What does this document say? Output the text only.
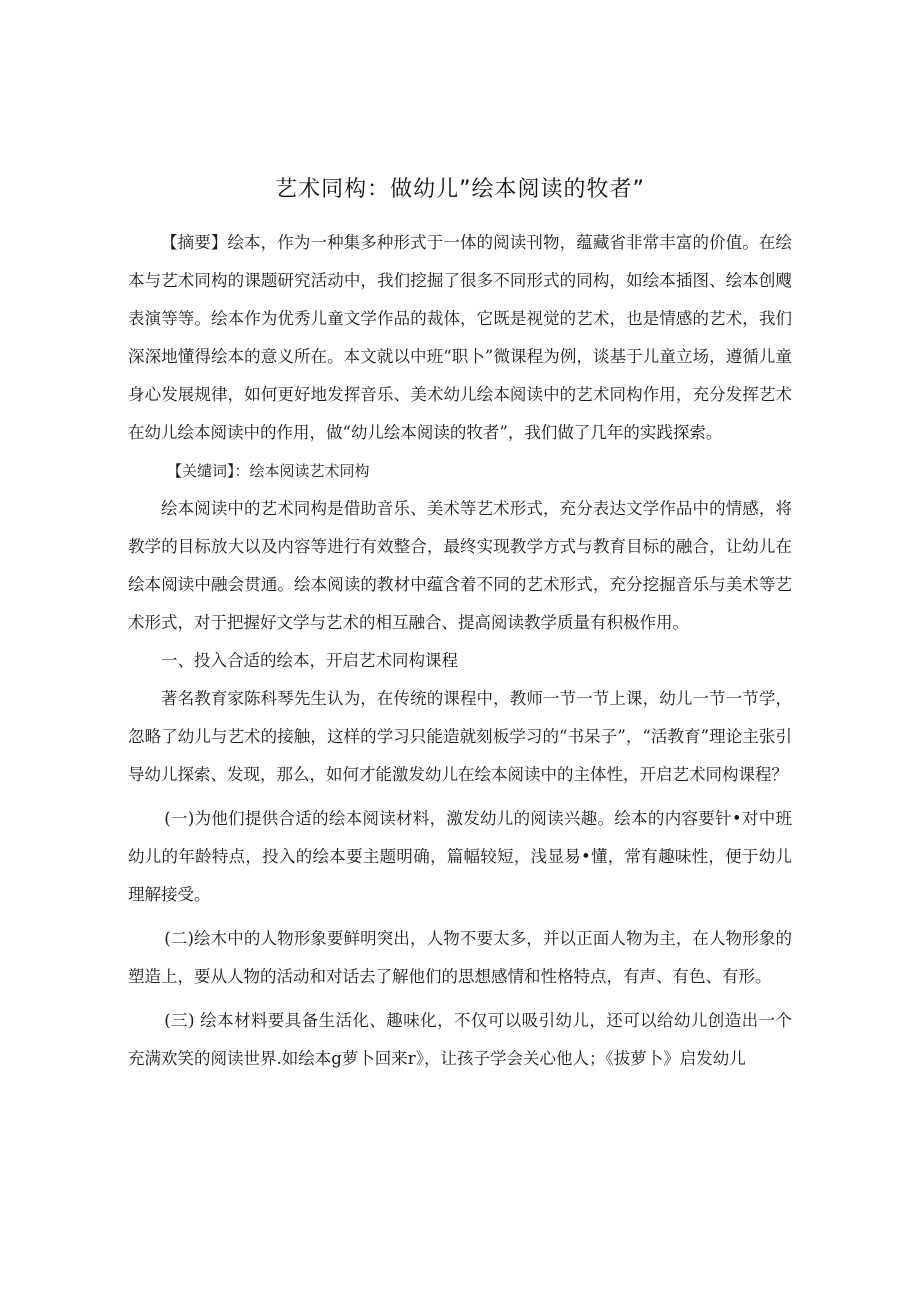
艺术同构：做幼儿”绘本阅读的牧者”

【摘要】绘本，作为一种集多种形式于一体的阅读刊物，蕴藏省非常丰富的价值。在绘本与艺术同构的课题研究活动中，我们挖掘了很多不同形式的同构，如绘本插图、绘本创飕表演等等。绘本作为优秀儿童文学作品的裁体，它既是视觉的艺术，也是情感的艺术，我们深深地懂得绘本的意义所在。本文就以中班“职卜”微课程为例，谈基于儿童立场，遵循儿童身心发展规律，如何更好地发挥音乐、美术幼儿绘本阅读中的艺术同构作用，充分发挥艺术在幼儿绘本阅读中的作用，做“幼儿绘本阅读的牧者”，我们做了几年的实践探索。

【关缱词】：绘本阅读艺术同构

绘本阅读中的艺术同构是借助音乐、美术等艺术形式，充分表达文学作品中的情感，将教学的目标放大以及内容等进行有效整合，最终实现教学方式与教育目标的融合，让幼儿在绘本阅读中融会贯通。绘本阅读的教材中蕴含着不同的艺术形式，充分挖掘音乐与美术等艺术形式，对于把握好文学与艺术的相互融合、提高阅读教学质量有积极作用。

一、投入合适的绘本，开启艺术同构课程

著名教育家陈科琴先生认为，在传统的课程中，教师一节一节上课，幼儿一节一节学，忽略了幼儿与艺术的接触，这样的学习只能造就刻板学习的“书呆子”，“活教育”理论主张引导幼儿探索、发现，那么，如何才能激发幼儿在绘本阅读中的主体性，开启艺术同构课程？

(一)为他们提供合适的绘本阅读材料，激发幼儿的阅读兴趣。绘本的内容要针•对中班幼儿的年龄特点，投入的绘本要主题明确，篇幅较短，浅显易•懂，常有趣味性，便于幼儿理解接受。

(二)绘木中的人物形象要鲜明突出，人物不要太多，并以正面人物为主，在人物形象的塑造上，要从人物的活动和对话去了解他们的思想感情和性格特点，有声、有色、有形。

(三) 绘本材料要具备生活化、趣味化，不仅可以吸引幼儿，还可以给幼儿创造出一个充满欢笑的阅读世界.如绘本g萝卜回来r》，让孩子学会关心他人；《拔萝卜》启发幼儿
